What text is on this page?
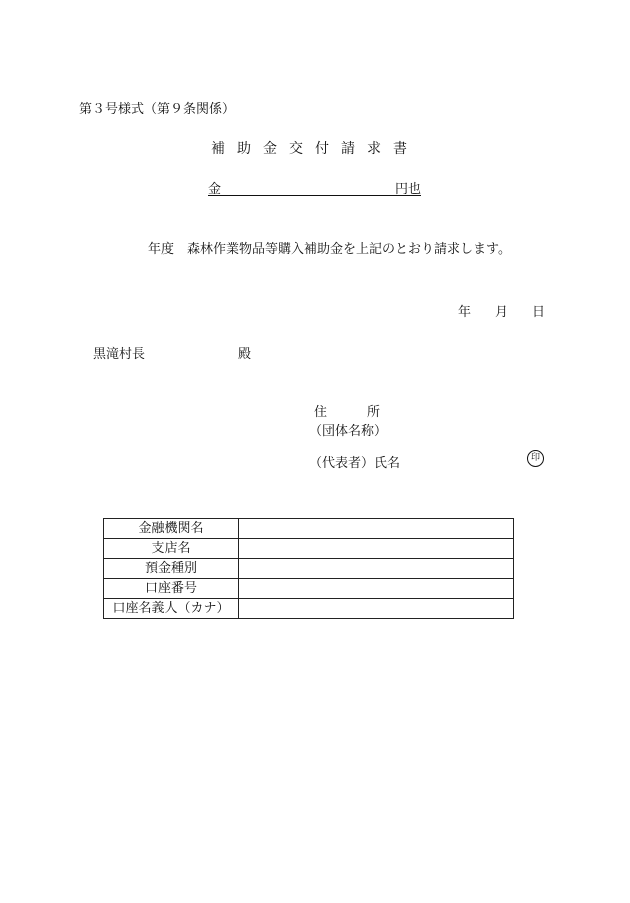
第３号様式（第９条関係）
補助金交付請求書
金	円也
年度　森林作業物品等購入補助金を上記のとおり請求します。
年 月 日
黒滝村長	殿
住	所
（団体名称）
（代表者）氏名	印
金融機関名	
支店名	
預金種別	
口座番号	
口座名義人（カナ）	
